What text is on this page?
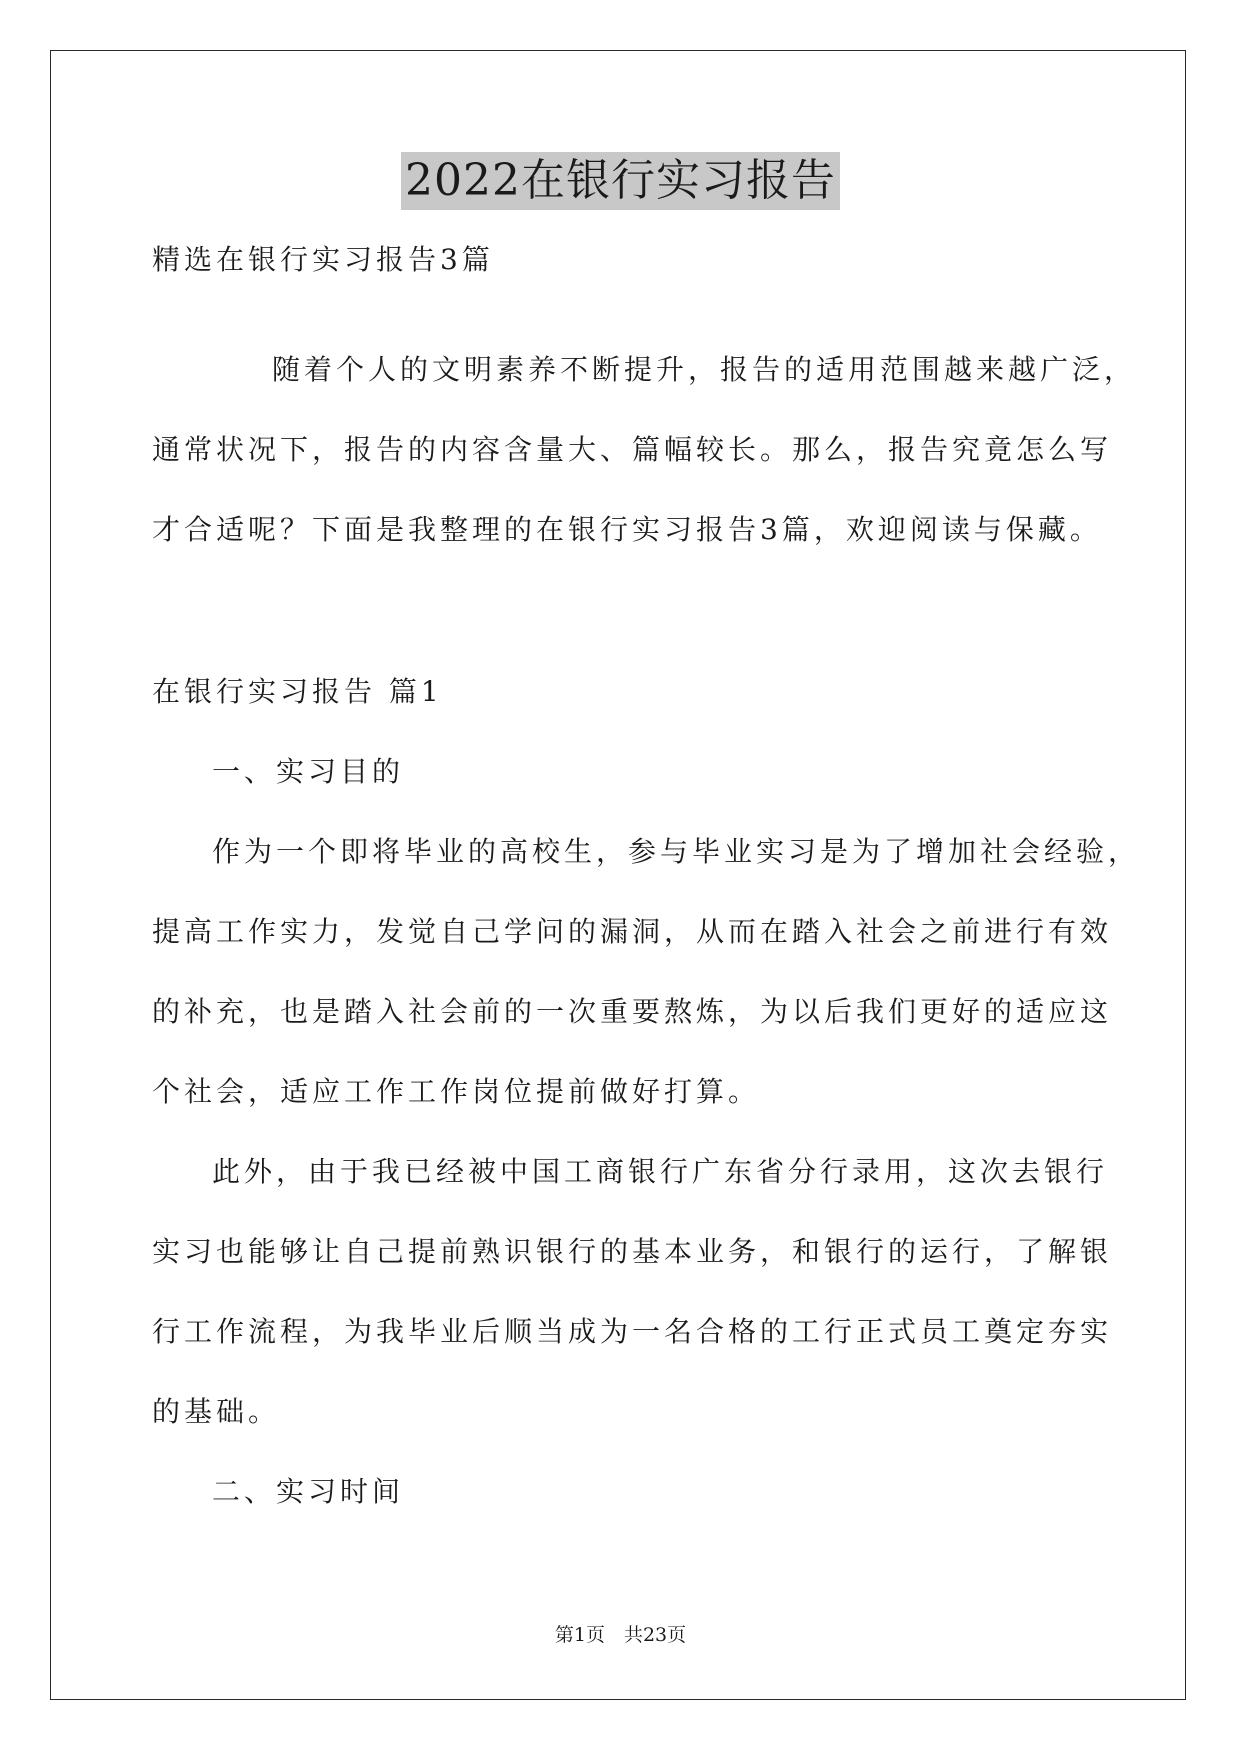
2022在银行实习报告
精选在银行实习报告3篇
随着个人的文明素养不断提升，报告的适用范围越来越广泛，
通常状况下，报告的内容含量大、篇幅较长。那么，报告究竟怎么写
才合适呢？下面是我整理的在银行实习报告3篇，欢迎阅读与保藏。
在银行实习报告 篇1
一、实习目的
作为一个即将毕业的高校生，参与毕业实习是为了增加社会经验，
提高工作实力，发觉自己学问的漏洞，从而在踏入社会之前进行有效
的补充，也是踏入社会前的一次重要熬炼，为以后我们更好的适应这
个社会，适应工作工作岗位提前做好打算。
此外，由于我已经被中国工商银行广东省分行录用，这次去银行
实习也能够让自己提前熟识银行的基本业务，和银行的运行，了解银
行工作流程，为我毕业后顺当成为一名合格的工行正式员工奠定夯实
的基础。
二、实习时间
第1页　共23页
